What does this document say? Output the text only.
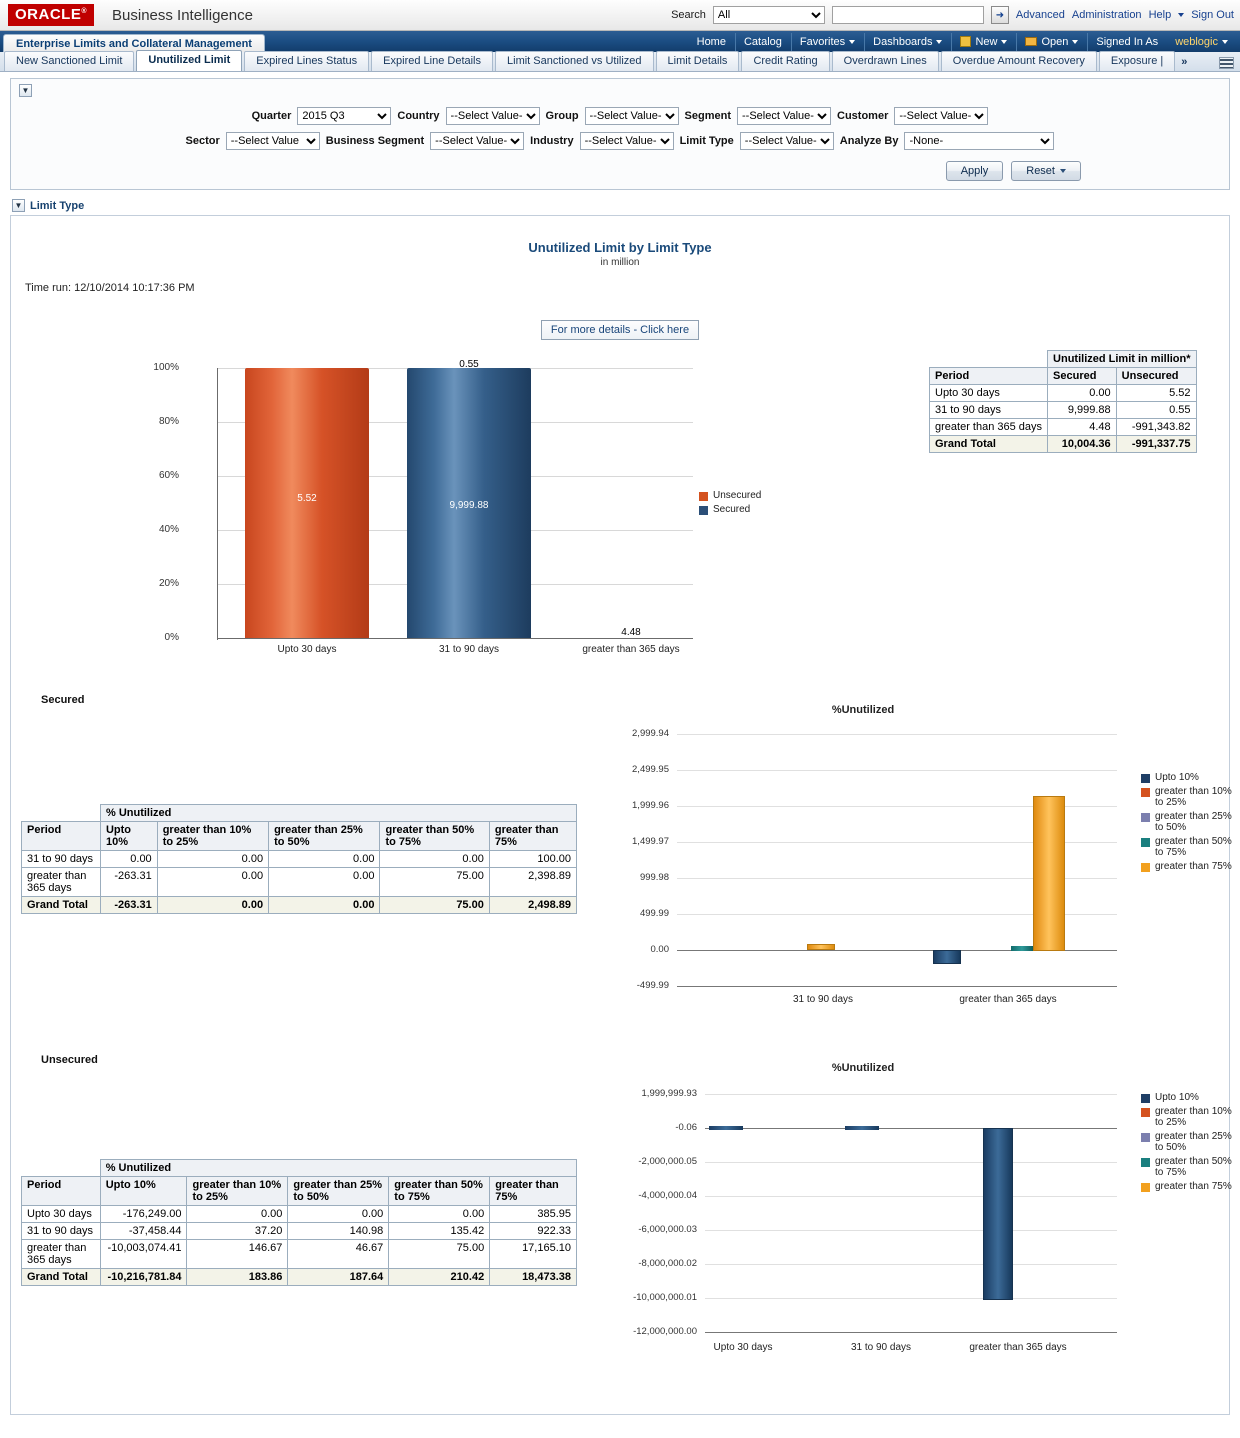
ORACLE®	Business Intelligence	Search
All	➜	Advanced Administration Help Sign Out
Enterprise Limits and Collateral Management	Home Catalog Favorites	Dashboards	New	Open	Signed In As weblogic
New Sanctioned Limit	Unutilized Limit	Expired Lines Status	Expired Line Details	Limit Sanctioned vs Utilized	Limit Details	Credit Rating	Overdrawn Lines	Overdue Amount Recovery	Exposure |	»
▼
Quarter
2015 Q3	Country
--Select Value-	Group
--Select Value-	Segment
--Select Value-	Customer
--Select Value-
Sector
--Select Value	Business Segment
--Select Value-	Industry
--Select Value-	Limit Type
--Select Value-	Analyze By
-None-
Apply	Reset
▼ Limit Type
Unutilized Limit by Limit Type
in million
Time run: 12/10/2014 10:17:36 PM
For more details - Click here
100%
80%
60%
40%
20%
0%
5.52
9,999.88
0.55
4.48
Upto 30 days	31 to 90 days	greater than 365 days
Unsecured
Secured
	Unutilized Limit in million*	
Period	Secured	Unsecured
Upto 30 days	0.00	5.52
31 to 90 days	9,999.88	0.55
greater than 365 days	4.48	-991,343.82
Grand Total	10,004.36	-991,337.75
Secured
	% Unutilized				
Period	Upto 10%	greater than 10% to 25%	greater than 25% to 50%	greater than 50% to 75%	greater than 75%
31 to 90 days	0.00	0.00	0.00	0.00	100.00
greater than 365 days	-263.31	0.00	0.00	75.00	2,398.89
Grand Total	-263.31	0.00	0.00	75.00	2,498.89
%Unutilized
2,999.94
2,499.95
1,999.96
1,499.97
999.98
499.99
0.00
-499.99
31 to 90 days	greater than 365 days
Upto 10%
greater than 10% to 25%
greater than 25% to 50%
greater than 50% to 75%
greater than 75%
Unsecured
	% Unutilized				
Period	Upto 10%	greater than 10% to 25%	greater than 25% to 50%	greater than 50% to 75%	greater than 75%
Upto 30 days	-176,249.00	0.00	0.00	0.00	385.95
31 to 90 days	-37,458.44	37.20	140.98	135.42	922.33
greater than 365 days	-10,003,074.41	146.67	46.67	75.00	17,165.10
Grand Total	-10,216,781.84	183.86	187.64	210.42	18,473.38
%Unutilized
1,999,999.93
-0.06
-2,000,000.05
-4,000,000.04
-6,000,000.03
-8,000,000.02
-10,000,000.01
-12,000,000.00
Upto 30 days	31 to 90 days	greater than 365 days
Upto 10%
greater than 10% to 25%
greater than 25% to 50%
greater than 50% to 75%
greater than 75%
